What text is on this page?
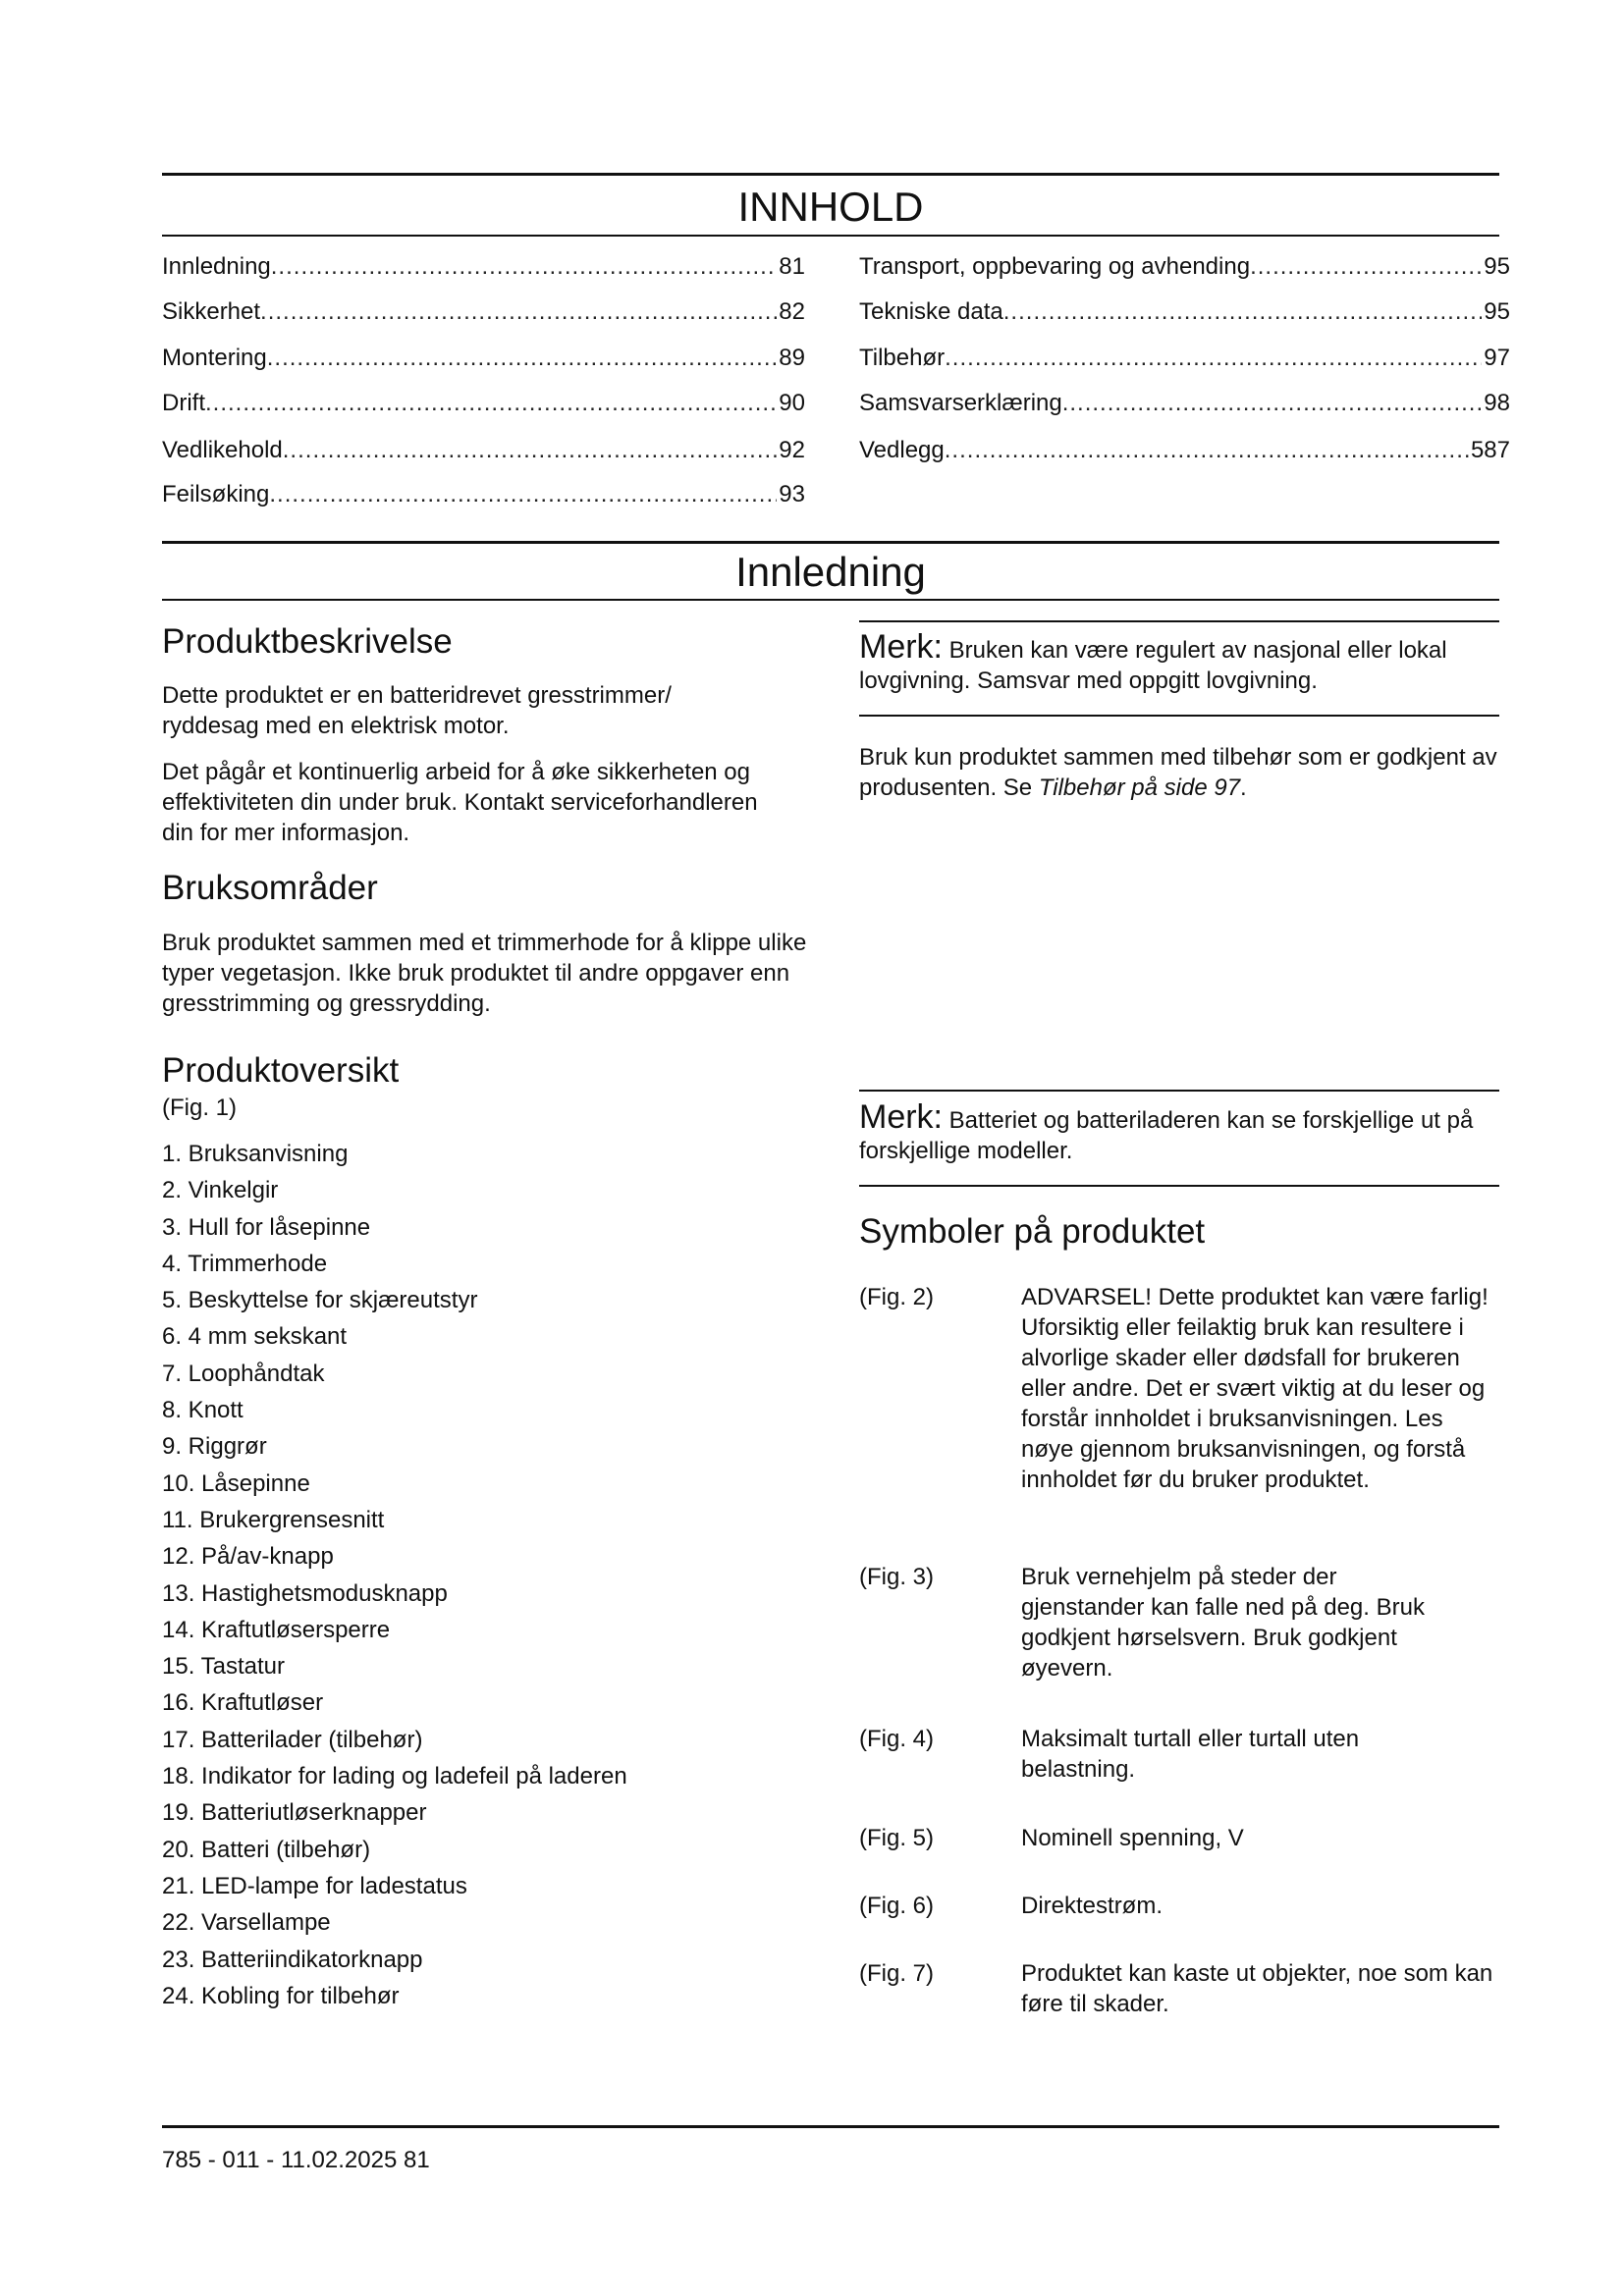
INNHOLD
Innledning .....	81
Sikkerhet .....	82
Montering .....	89
Drift .....	90
Vedlikehold .....	92
Feilsøking .....	93
Transport, oppbevaring og avhending .....	95
Tekniske data .....	95
Tilbehør .....	97
Samsvarserklæring .....	98
Vedlegg .....	587
Innledning
Produktbeskrivelse
Dette produktet er en batteridrevet gresstrimmer/ ryddesag med en elektrisk motor.
Det pågår et kontinuerlig arbeid for å øke sikkerheten og effektiviteten din under bruk. Kontakt serviceforhandleren din for mer informasjon.
Bruksområder
Bruk produktet sammen med et trimmerhode for å klippe ulike typer vegetasjon. Ikke bruk produktet til andre oppgaver enn gresstrimming og gressrydding.
Produktoversikt
(Fig. 1)
1. Bruksanvisning
2. Vinkelgir
3. Hull for låsepinne
4. Trimmerhode
5. Beskyttelse for skjæreutstyr
6. 4 mm sekskant
7. Loophåndtak
8. Knott
9. Riggrør
10. Låsepinne
11. Brukergrensesnitt
12. På/av-knapp
13. Hastighetsmodusknapp
14. Kraftutløsersperre
15. Tastatur
16. Kraftutløser
17. Batterilader (tilbehør)
18. Indikator for lading og ladefeil på laderen
19. Batteriutløserknapper
20. Batteri (tilbehør)
21. LED-lampe for ladestatus
22. Varsellampe
23. Batteriindikatorknapp
24. Kobling for tilbehør
Merk: Bruken kan være regulert av nasjonal eller lokal lovgivning. Samsvar med oppgitt lovgivning.
Bruk kun produktet sammen med tilbehør som er godkjent av produsenten. Se Tilbehør på side 97.
Merk: Batteriet og batteriladeren kan se forskjellige ut på forskjellige modeller.
Symboler på produktet
(Fig. 2)	ADVARSEL! Dette produktet kan være farlig! Uforsiktig eller feilaktig bruk kan resultere i alvorlige skader eller dødsfall for brukeren eller andre. Det er svært viktig at du leser og forstår innholdet i bruksanvisningen. Les nøye gjennom bruksanvisningen, og forstå innholdet før du bruker produktet.
(Fig. 3)	Bruk vernehjelm på steder der gjenstander kan falle ned på deg. Bruk godkjent hørselsvern. Bruk godkjent øyevern.
(Fig. 4)	Maksimalt turtall eller turtall uten belastning.
(Fig. 5)	Nominell spenning, V
(Fig. 6)	Direktestrøm.
(Fig. 7)	Produktet kan kaste ut objekter, noe som kan føre til skader.
785 - 011 - 11.02.2025 81
